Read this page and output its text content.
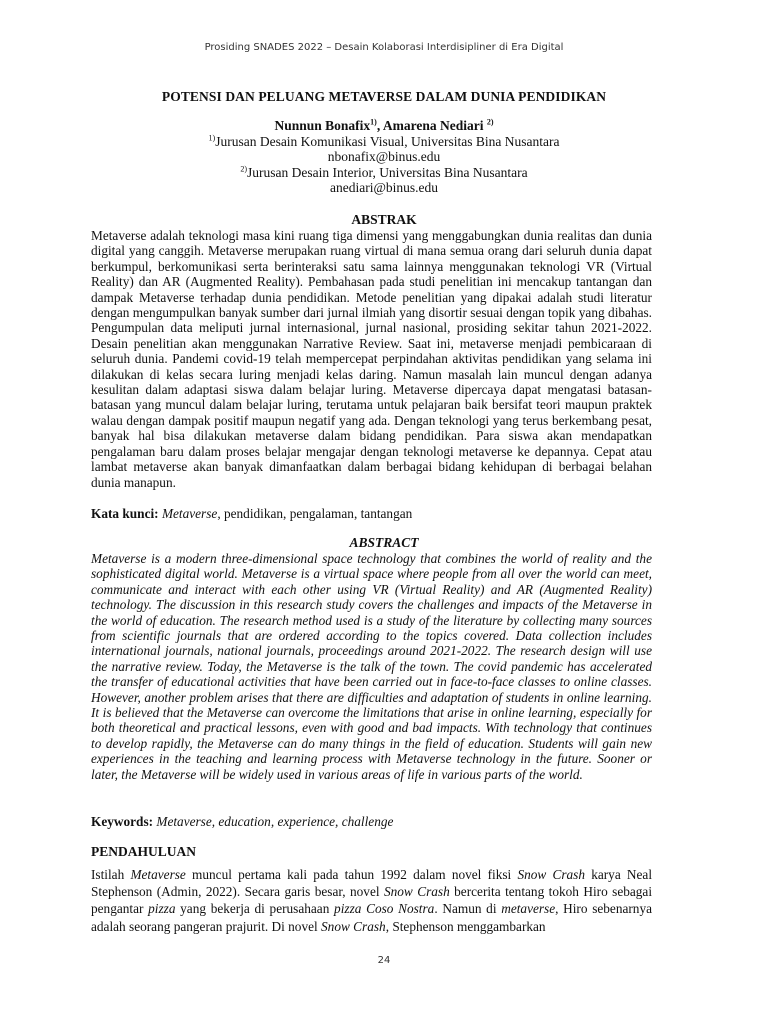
Prosiding SNADES 2022 – Desain Kolaborasi Interdisipliner di Era Digital
POTENSI DAN PELUANG METAVERSE DALAM DUNIA PENDIDIKAN
Nunnun Bonafix$^{1)}$, Amarena Nediari $^{2)}$
$^{1)}$Jurusan Desain Komunikasi Visual, Universitas Bina Nusantara
nbonafix@binus.edu
$^{2)}$Jurusan Desain Interior, Universitas Bina Nusantara
anediari@binus.edu
ABSTRAK
Metaverse adalah teknologi masa kini ruang tiga dimensi yang menggabungkan dunia realitas dan dunia digital yang canggih. Metaverse merupakan ruang virtual di mana semua orang dari seluruh dunia dapat berkumpul, berkomunikasi serta berinteraksi satu sama lainnya menggunakan teknologi VR (Virtual Reality) dan AR (Augmented Reality). Pembahasan pada studi penelitian ini mencakup tantangan dan dampak Metaverse terhadap dunia pendidikan. Metode penelitian yang dipakai adalah studi literatur dengan mengumpulkan banyak sumber dari jurnal ilmiah yang disortir sesuai dengan topik yang dibahas. Pengumpulan data meliputi jurnal internasional, jurnal nasional, prosiding sekitar tahun 2021-2022. Desain penelitian akan menggunakan Narrative Review. Saat ini, metaverse menjadi pembicaraan di seluruh dunia. Pandemi covid-19 telah mempercepat perpindahan aktivitas pendidikan yang selama ini dilakukan di kelas secara luring menjadi kelas daring. Namun masalah lain muncul dengan adanya kesulitan dalam adaptasi siswa dalam belajar luring. Metaverse dipercaya dapat mengatasi batasan-batasan yang muncul dalam belajar luring, terutama untuk pelajaran baik bersifat teori maupun praktek walau dengan dampak positif maupun negatif yang ada. Dengan teknologi yang terus berkembang pesat, banyak hal bisa dilakukan metaverse dalam bidang pendidikan. Para siswa akan mendapatkan pengalaman baru dalam proses belajar mengajar dengan teknologi metaverse ke depannya. Cepat atau lambat metaverse akan banyak dimanfaatkan dalam berbagai bidang kehidupan di berbagai belahan dunia manapun.
Kata kunci: Metaverse, pendidikan, pengalaman, tantangan
ABSTRACT
Metaverse is a modern three-dimensional space technology that combines the world of reality and the sophisticated digital world. Metaverse is a virtual space where people from all over the world can meet, communicate and interact with each other using VR (Virtual Reality) and AR (Augmented Reality) technology. The discussion in this research study covers the challenges and impacts of the Metaverse in the world of education. The research method used is a study of the literature by collecting many sources from scientific journals that are ordered according to the topics covered. Data collection includes international journals, national journals, proceedings around 2021-2022. The research design will use the narrative review. Today, the Metaverse is the talk of the town. The covid pandemic has accelerated the transfer of educational activities that have been carried out in face-to-face classes to online classes. However, another problem arises that there are difficulties and adaptation of students in online learning. It is believed that the Metaverse can overcome the limitations that arise in online learning, especially for both theoretical and practical lessons, even with good and bad impacts. With technology that continues to develop rapidly, the Metaverse can do many things in the field of education. Students will gain new experiences in the teaching and learning process with Metaverse technology in the future. Sooner or later, the Metaverse will be widely used in various areas of life in various parts of the world.
Keywords: Metaverse, education, experience, challenge
PENDAHULUAN
Istilah Metaverse muncul pertama kali pada tahun 1992 dalam novel fiksi Snow Crash karya Neal Stephenson (Admin, 2022). Secara garis besar, novel Snow Crash bercerita tentang tokoh Hiro sebagai pengantar pizza yang bekerja di perusahaan pizza Coso Nostra. Namun di metaverse, Hiro sebenarnya adalah seorang pangeran prajurit. Di novel Snow Crash, Stephenson menggambarkan
24
